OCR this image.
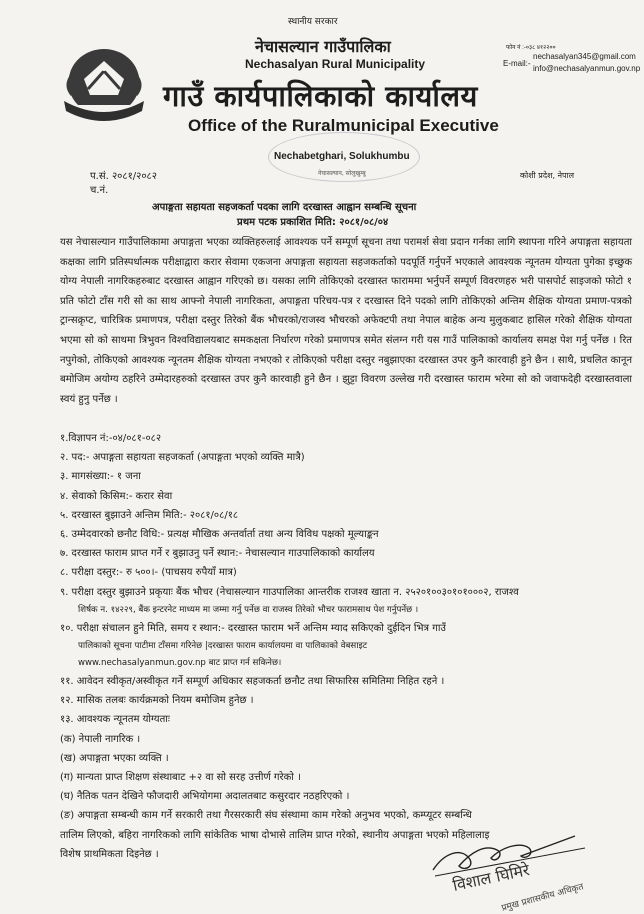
स्थानीय सरकार
नेचासल्यान गाउँपालिका
Nechasalyan Rural Municipality
गाउँ कार्यपालिकाको कार्यालय
Office of the Ruralmunicipal Executive
Nechabetghari, Solukhumbu
नेचासल्यान, सोलुखुम्बु
फोन नं :-०३८ ४१२२००
E-mail:-
nechasalyan345@gmail.com
info@nechasalyanmun.gov.np
कोशी प्रदेश, नेपाल
प.सं. २०८१/२०८२
च.नं.
अपाङ्गता सहायता सहजकर्ता पदका लागि दरखास्त आह्वान सम्बन्धि सूचना
प्रथम पटक प्रकाशित मिति: २०८१/०८/०४
यस नेचासल्यान गाउँपालिकामा अपाङ्गता भएका व्यक्तिहरुलाई आवश्यक पर्ने सम्पूर्ण सूचना तथा परामर्श सेवा प्रदान गर्नका लागि स्थापना गरिने अपाङ्गता सहायता कक्षका लागि प्रतिस्पर्धात्मक परीक्षाद्वारा करार सेवामा एकजना अपाङ्गता सहायता सहजकर्ताको पदपूर्ति गर्नुपर्ने भएकाले आवश्यक न्यूनतम योग्यता पुगेका इच्छुक योग्य नेपाली नागरिकहरुबाट दरखास्त आह्वान गरिएको छ। यसका लागि तोकिएको दरखास्त फाराममा भर्नुपर्ने सम्पूर्ण विवरणहरु भरी पासपोर्ट साइजको फोटो १ प्रति फोटो टाँस गरी सो का साथ आफ्नो नेपाली नागरिकता, अपाङ्गता परिचय-पत्र र दरखास्त दिने पदको लागि तोकिएको अन्तिम शैक्षिक योग्यता प्रमाण-पत्रको ट्रान्सक्रृप्ट, चारित्रिक प्रमाणपत्र, परीक्षा दस्तुर तिरेको बैंक भौचरको/राजस्व भौचरको अफेक्टपी तथा नेपाल बाहेक अन्य मुलुकबाट हासिल गरेको शैक्षिक योग्यता भएमा सो को साथमा त्रिभुवन विश्वविद्यालयबाट समकक्षता निर्धारण गरेको प्रमाणपत्र समेत संलग्न गरी यस गाउँ पालिकाको कार्यालय समक्ष पेश गर्नु पर्नेछ । रित नपुगेको, तोकिएको आवश्यक न्यूनतम शैक्षिक योग्यता नभएको र तोकिएको परीक्षा दस्तुर नबुझाएका दरखास्त उपर कुनै कारवाही हुने छैन । साथै, प्रचलित कानून बमोजिम अयोग्य ठहरिने उम्मेदारहरुको दरखास्त उपर कुनै कारवाही हुने छैन । झुट्टा विवरण उल्लेख गरी दरखास्त फाराम भरेमा सो को जवाफदेही दरखास्तवाला स्वयं हुनु पर्नेछ ।
१.विज्ञापन नं:-०४/०८१-०८२
२. पद:- अपाङ्गता सहायता सहजकर्ता (अपाङ्गता भएको व्यक्ति मात्रै)
३. मागसंख्या:- १ जना
४. सेवाको किसिम:- करार सेवा
५. दरखास्त बुझाउने अन्तिम मिति:- २०८१/०८/१८
६. उम्मेदवारको छनौट विधि:- प्रत्यक्ष मौखिक अन्तर्वार्ता तथा अन्य विविध पक्षको मूल्याङ्कन
७. दरखास्त फाराम प्राप्त गर्ने र बुझाउनु पर्ने स्थान:- नेचासल्यान गाउपालिकाको कार्यालय
८. परीक्षा दस्तुर:- रु ५००।- (पाचसय रुपैयाँ मात्र)
९. परीक्षा दस्तुर बुझाउने प्रकृयाः बैंक भौचर (नेचासल्यान गाउपालिका आन्तरीक राजश्व खाता न. २५२०१००३०१०१०००२, राजश्व
शिर्षक न. १४२२९, बैंक इन्टरनेट माध्यम मा जम्मा गर्नु पर्नेछ वा राजस्व तिरेको भौचर फारामसाथ पेश गर्नुपर्नेछ ।
१०. परीक्षा संचालन हुने मिति, समय र स्थान:- दरखास्त फाराम भर्ने अन्तिम म्याद सकिएको दुईदिन भित्र गाउँ
पालिकाको सूचना पाटीमा टाँसमा गरिनेछ |दरखास्त फाराम कार्यालयमा वा पालिकाको वेबसाइट
www.nechasalyanmun.gov.np बाट प्राप्त गर्न सकिनेछ।
११. आवेदन स्वीकृत/अस्वीकृत गर्ने सम्पूर्ण अधिकार सहजकर्ता छनौट तथा सिफारिस समितिमा निहित रहने ।
१२. मासिक तलबः कार्यक्रमको नियम बमोजिम हुनेछ ।
१३. आवश्यक न्यूनतम योग्यताः
(क) नेपाली नागरिक ।
(ख) अपाङ्गता भएका व्यक्ति ।
(ग) मान्यता प्राप्त शिक्षण संस्थाबाट +२ वा सो सरह उत्तीर्ण गरेको ।
(घ) नैतिक पतन देखिने फौजदारी अभियोगमा अदालतबाट कसुरदार नठहरिएको ।
(ङ) अपाङ्गता सम्बन्धी काम गर्ने सरकारी तथा गैरसरकारी संघ संस्थामा काम गरेको अनुभव भएको, कम्प्यूटर सम्बन्धि
तालिम लिएको, बहिरा नागरिकको लागि सांकेतिक भाषा दोभासे तालिम प्राप्त गरेको, स्थानीय अपाङ्गता भएको महिलालाइ
विशेष प्राथमिकता दिइनेछ ।
विशाल घिमिरे
प्रमुख प्रशासकीय अधिकृत
